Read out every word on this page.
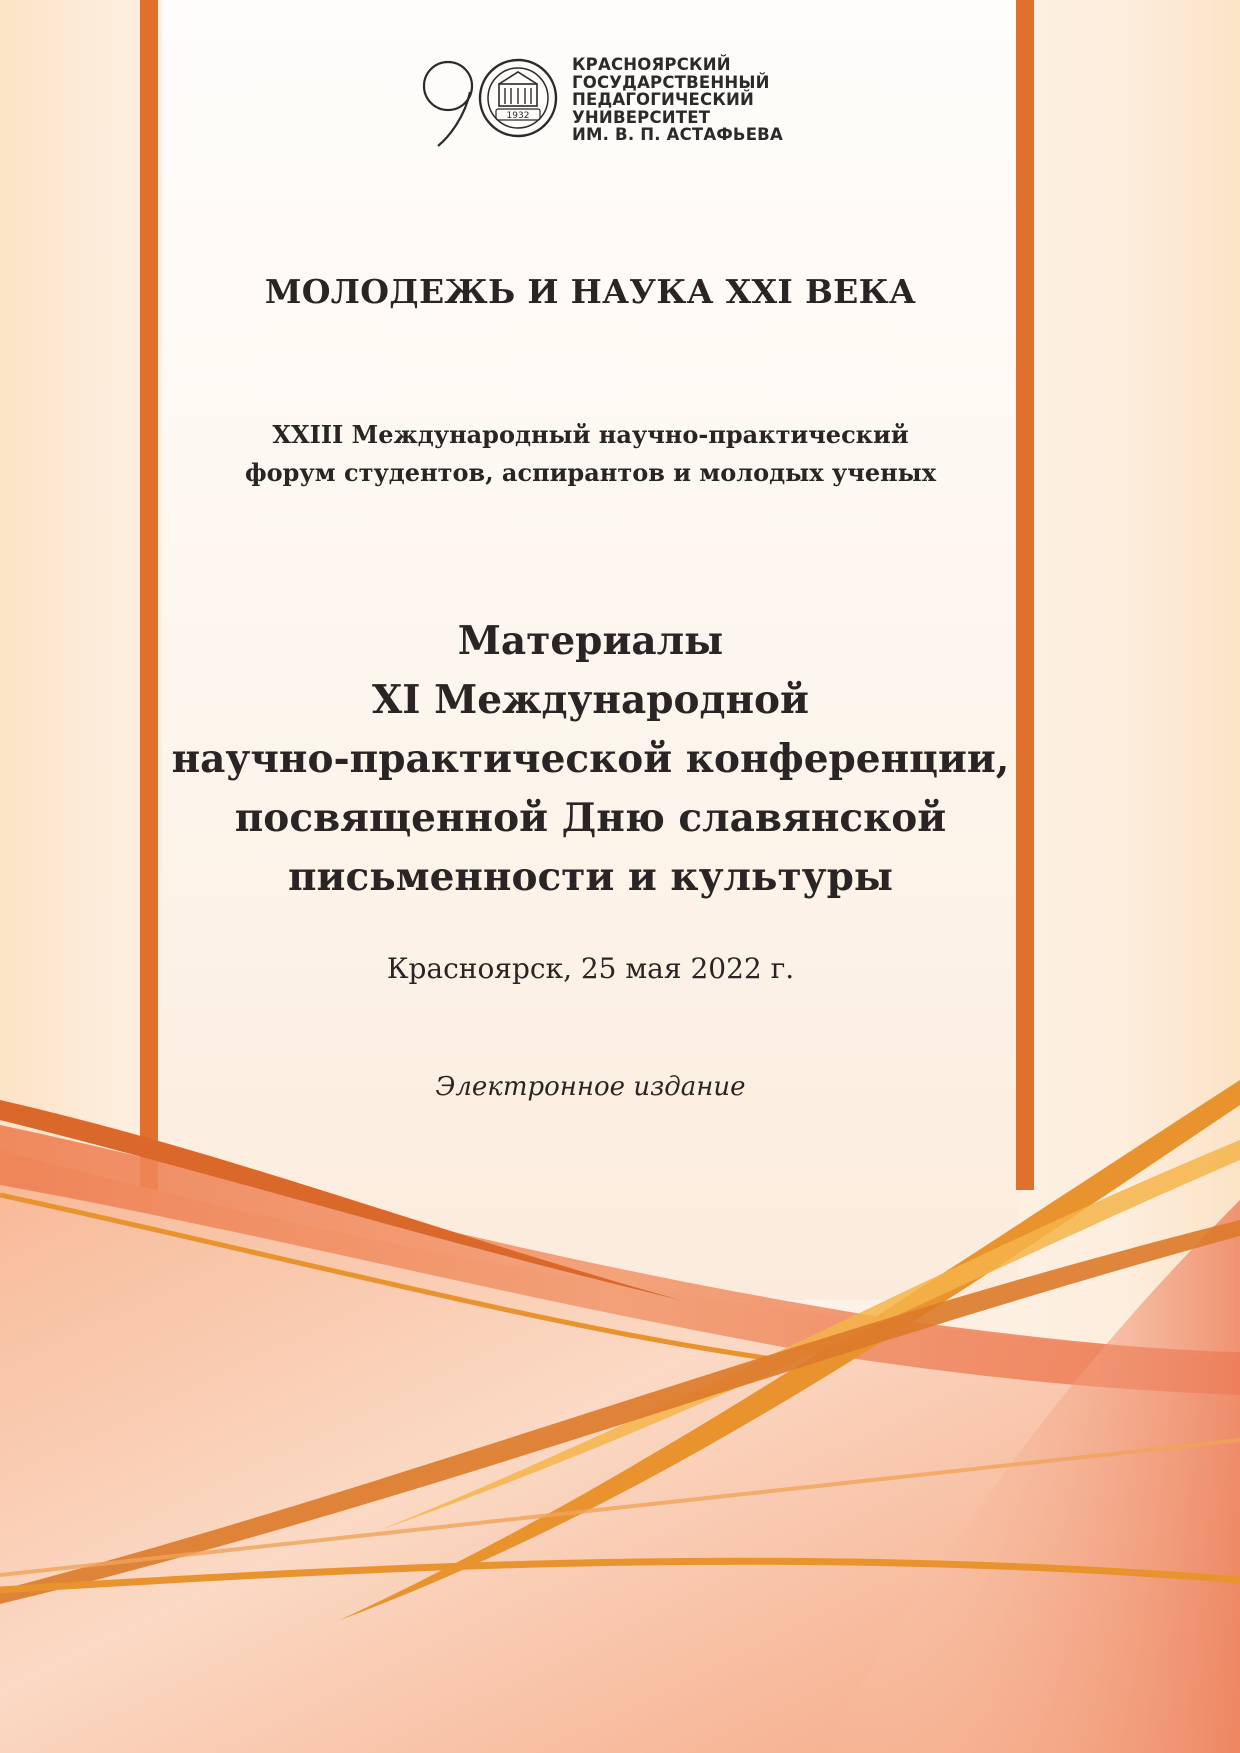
1932
КРАСНОЯРСКИЙ
ГОСУДАРСТВЕННЫЙ
ПЕДАГОГИЧЕСКИЙ
УНИВЕРСИТЕТ
ИМ. В. П. АСТАФЬЕВА
МОЛОДЕЖЬ И НАУКА XXI ВЕКА
XXIII Международный научно-практический
форум студентов, аспирантов и молодых ученых
Материалы
XI Международной
научно-практической конференции,
посвященной Дню славянской
письменности и культуры
Красноярск, 25 мая 2022 г.
Электронное издание
